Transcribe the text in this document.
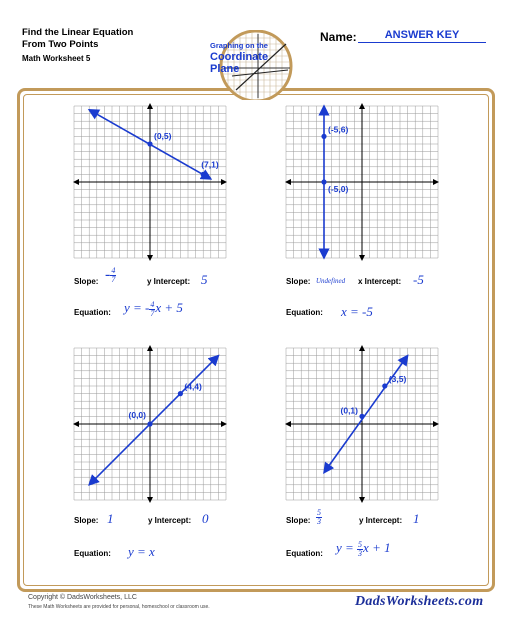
Find the Linear Equation
From Two Points
Math Worksheet 5
Name:	ANSWER KEY
Graphing on the
Coordinate
Plane
(0,5)
(7,1)
(-5,6)
(-5,0)
(0,0)
(4,4)
(0,1)
(3,5)
Slope: - $\frac{4}{7}$	y Intercept: 5
Equation: y = - $\frac{4}{7}$ x + 5
Slope: Undefined x Intercept: -5
Equation: x = -5
Slope: 1	y Intercept: 0
Equation: y = x
Slope: $\frac{5}{3}$	y Intercept: 1
Equation: $y = \frac{5}{3}$ x + 1
Copyright © DadsWorksheets, LLC
These Math Worksheets are provided for personal, homeschool or classroom use.	DadsWorksheets.com
